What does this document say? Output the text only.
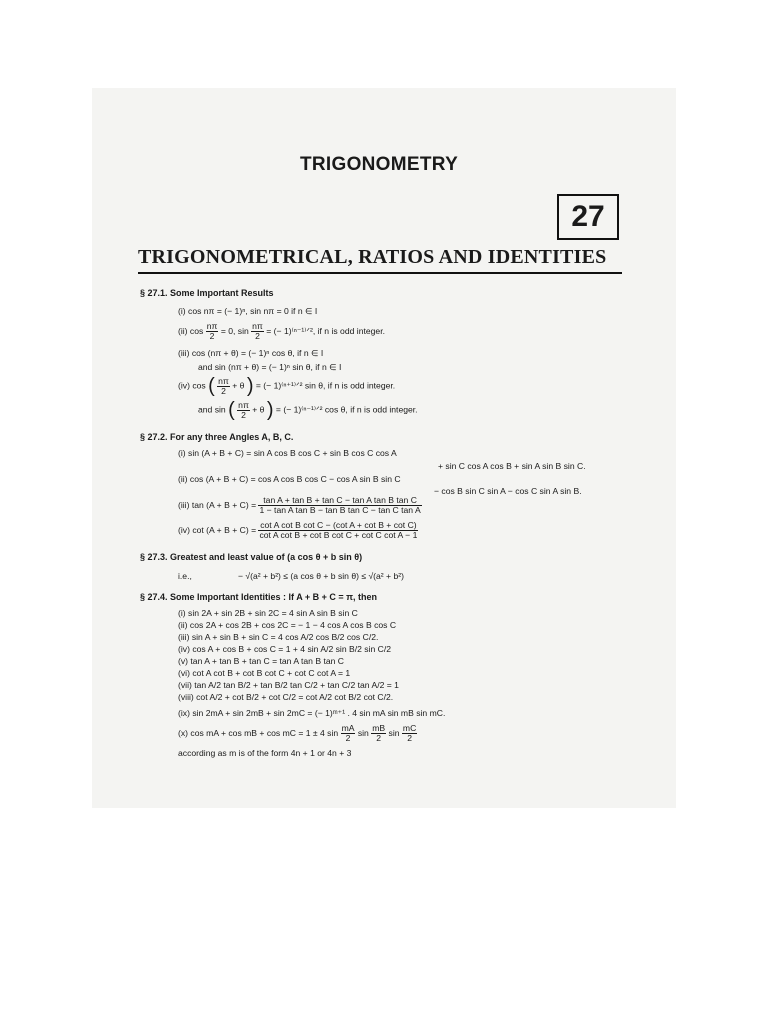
TRIGONOMETRY
27
TRIGONOMETRICAL, RATIOS AND IDENTITIES

§ 27.1. Some Important Results

(i) cos nπ = (− 1)ⁿ, sin nπ = 0 if n ∈ I
(ii) $\cos \frac{n\pi}{2} = 0$, $\sin \frac{n\pi}{2}$ = (− 1)⁽ⁿ⁻¹⁾ᐟ², if n is odd integer.
(iii) cos (nπ + θ) = (− 1)ⁿ cos θ, if n ∈ I
and sin (nπ + θ) = (− 1)ⁿ sin θ, if n ∈ I
(iv) cos ( $\frac{n\pi}{2} + \theta$ ) = (− 1)⁽ⁿ⁺¹⁾ᐟ² sin θ, if n is odd integer.
and sin ( $\frac{n\pi}{2} + \theta$ ) = (− 1)⁽ⁿ⁻¹⁾ᐟ² cos θ, if n is odd integer.

§ 27.2. For any three Angles A, B, C.

(i) sin (A + B + C) = sin A cos B cos C + sin B cos C cos A
+ sin C cos A cos B + sin A sin B sin C.
(ii) cos (A + B + C) = cos A cos B cos C − cos A sin B sin C
− cos B sin C sin A − cos C sin A sin B.
(iii) $\tan (A + B + C) = \frac{\text{tan A + tan B + tan C − tan A tan B tan C}}{\text{1 − tan A tan B − tan B tan C − tan C tan A}}$
(iv) $\cot (A + B + C) = \frac{\text{cot A cot B cot C − (cot A + cot B + cot C)}}{\text{cot A cot B + cot B cot C + cot C cot A − 1}}$

§ 27.3. Greatest and least value of (a cos θ + b sin θ)

i.e.,	− √(a² + b²) ≤ (a cos θ + b sin θ) ≤ √(a² + b²)

§ 27.4. Some Important Identities : If A + B + C = π, then

(i) sin 2A + sin 2B + sin 2C = 4 sin A sin B sin C
(ii) cos 2A + cos 2B + cos 2C = − 1 − 4 cos A cos B cos C
(iii) sin A + sin B + sin C = 4 cos A/2 cos B/2 cos C/2.
(iv) cos A + cos B + cos C = 1 + 4 sin A/2 sin B/2 sin C/2
(v) tan A + tan B + tan C = tan A tan B tan C
(vi) cot A cot B + cot B cot C + cot C cot A = 1
(vii) tan A/2 tan B/2 + tan B/2 tan C/2 + tan C/2 tan A/2 = 1
(viii) cot A/2 + cot B/2 + cot C/2 = cot A/2 cot B/2 cot C/2.
(ix) sin 2mA + sin 2mB + sin 2mC = (− 1)ᵐ⁺¹ . 4 sin mA sin mB sin mC.
(x) cos mA + cos mB + cos mC = 1 ± 4 $\sin \frac{mA}{2}$ $\sin \frac{mB}{2}$ $\sin \frac{mC}{2}$
according as m is of the form 4n + 1 or 4n + 3
